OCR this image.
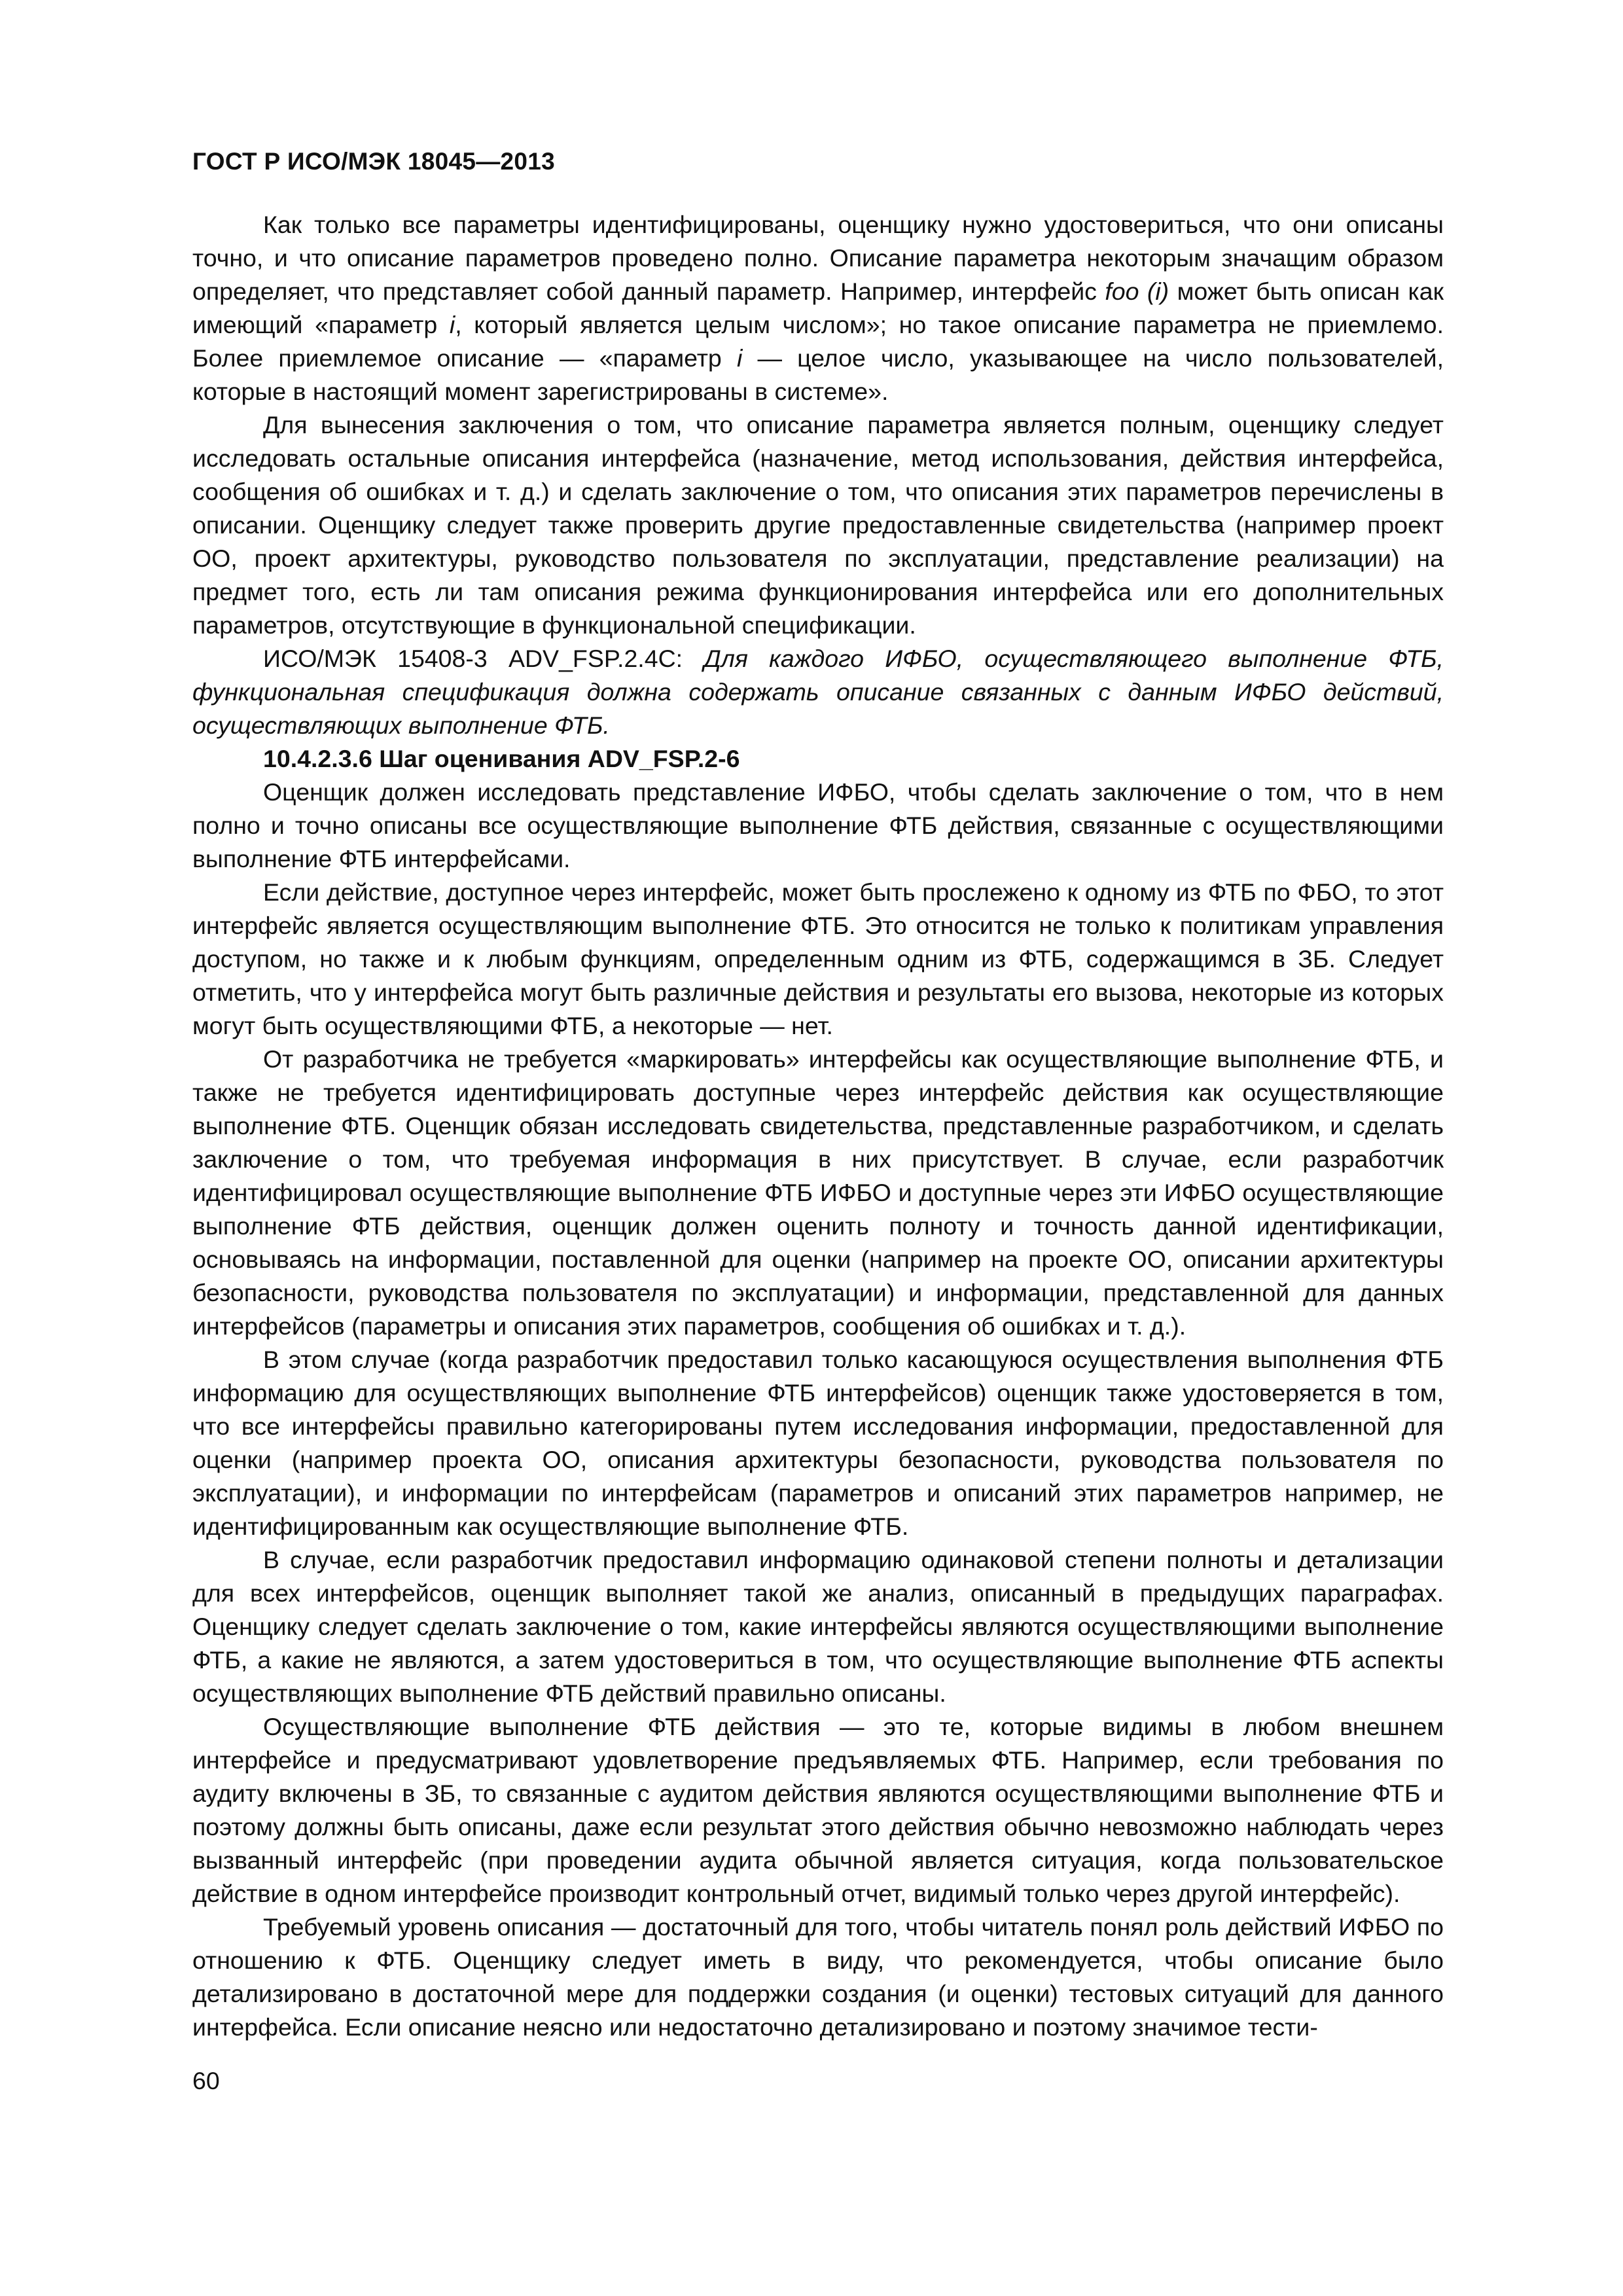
ГОСТ Р ИСО/МЭК 18045—2013

Как только все параметры идентифицированы, оценщику нужно удостовериться, что они описаны точно, и что описание параметров проведено полно. Описание параметра некоторым значащим образом определяет, что представляет собой данный параметр. Например, интерфейс foo (i) может быть описан как имеющий «параметр i, который является целым числом»; но такое описание параметра не приемлемо. Более приемлемое описание — «параметр i — целое число, указывающее на число пользователей, которые в настоящий момент зарегистрированы в системе».

Для вынесения заключения о том, что описание параметра является полным, оценщику следует исследовать остальные описания интерфейса (назначение, метод использования, действия интерфейса, сообщения об ошибках и т. д.) и сделать заключение о том, что описания этих параметров перечислены в описании. Оценщику следует также проверить другие предоставленные свидетельства (например проект ОО, проект архитектуры, руководство пользователя по эксплуатации, представление реализации) на предмет того, есть ли там описания режима функционирования интерфейса или его дополнительных параметров, отсутствующие в функциональной спецификации.

ИСО/МЭК 15408-3 ADV_FSP.2.4C: Для каждого ИФБО, осуществляющего выполнение ФТБ, функциональная спецификация должна содержать описание связанных с данным ИФБО действий, осуществляющих выполнение ФТБ.

10.4.2.3.6 Шаг оценивания ADV_FSP.2-6

Оценщик должен исследовать представление ИФБО, чтобы сделать заключение о том, что в нем полно и точно описаны все осуществляющие выполнение ФТБ действия, связанные с осуществляющими выполнение ФТБ интерфейсами.

Если действие, доступное через интерфейс, может быть прослежено к одному из ФТБ по ФБО, то этот интерфейс является осуществляющим выполнение ФТБ. Это относится не только к политикам управления доступом, но также и к любым функциям, определенным одним из ФТБ, содержащимся в ЗБ. Следует отметить, что у интерфейса могут быть различные действия и результаты его вызова, некоторые из которых могут быть осуществляющими ФТБ, а некоторые — нет.

От разработчика не требуется «маркировать» интерфейсы как осуществляющие выполнение ФТБ, и также не требуется идентифицировать доступные через интерфейс действия как осуществляющие выполнение ФТБ. Оценщик обязан исследовать свидетельства, представленные разработчиком, и сделать заключение о том, что требуемая информация в них присутствует. В случае, если разработчик идентифицировал осуществляющие выполнение ФТБ ИФБО и доступные через эти ИФБО осуществляющие выполнение ФТБ действия, оценщик должен оценить полноту и точность данной идентификации, основываясь на информации, поставленной для оценки (например на проекте ОО, описании архитектуры безопасности, руководства пользователя по эксплуатации) и информации, представленной для данных интерфейсов (параметры и описания этих параметров, сообщения об ошибках и т. д.).

В этом случае (когда разработчик предоставил только касающуюся осуществления выполнения ФТБ информацию для осуществляющих выполнение ФТБ интерфейсов) оценщик также удостоверяется в том, что все интерфейсы правильно категорированы путем исследования информации, предоставленной для оценки (например проекта ОО, описания архитектуры безопасности, руководства пользователя по эксплуатации), и информации по интерфейсам (параметров и описаний этих параметров например, не идентифицированным как осуществляющие выполнение ФТБ.

В случае, если разработчик предоставил информацию одинаковой степени полноты и детализации для всех интерфейсов, оценщик выполняет такой же анализ, описанный в предыдущих параграфах. Оценщику следует сделать заключение о том, какие интерфейсы являются осуществляющими выполнение ФТБ, а какие не являются, а затем удостовериться в том, что осуществляющие выполнение ФТБ аспекты осуществляющих выполнение ФТБ действий правильно описаны.

Осуществляющие выполнение ФТБ действия — это те, которые видимы в любом внешнем интерфейсе и предусматривают удовлетворение предъявляемых ФТБ. Например, если требования по аудиту включены в ЗБ, то связанные с аудитом действия являются осуществляющими выполнение ФТБ и поэтому должны быть описаны, даже если результат этого действия обычно невозможно наблюдать через вызванный интерфейс (при проведении аудита обычной является ситуация, когда пользовательское действие в одном интерфейсе производит контрольный отчет, видимый только через другой интерфейс).

Требуемый уровень описания — достаточный для того, чтобы читатель понял роль действий ИФБО по отношению к ФТБ. Оценщику следует иметь в виду, что рекомендуется, чтобы описание было детализировано в достаточной мере для поддержки создания (и оценки) тестовых ситуаций для данного интерфейса. Если описание неясно или недостаточно детализировано и поэтому значимое тести-

60
